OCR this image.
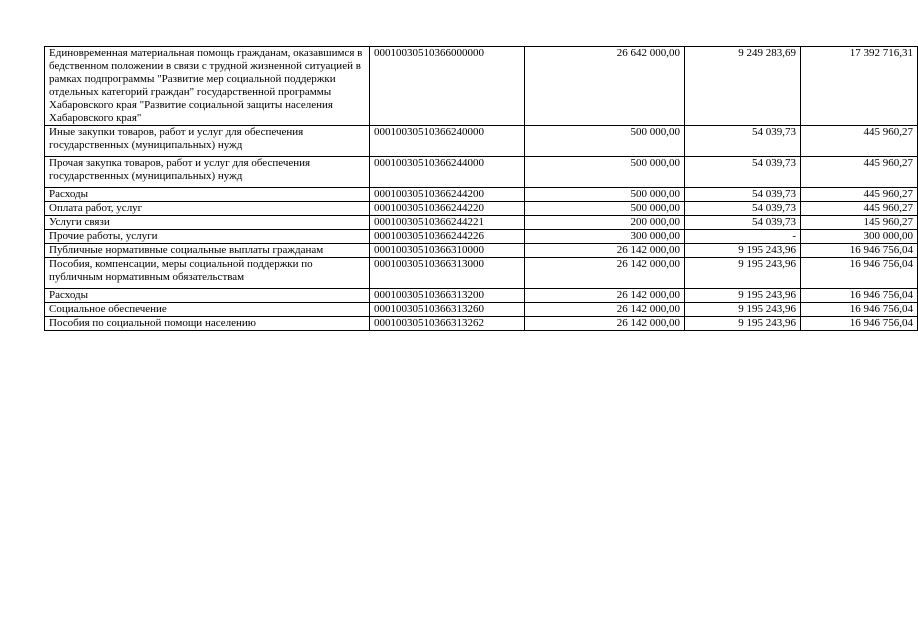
Единовременная материальная помощь гражданам, оказавшимся в бедственном положении в связи с трудной жизненной ситуацией в рамках подпрограммы "Развитие мер социальной поддержки отдельных категорий граждан" государственной программы Хабаровского края "Развитие социальной защиты населения Хабаровского края"	00010030510366000000	26 642 000,00	9 249 283,69	17 392 716,31
Иные закупки товаров, работ и услуг для обеспечения государственных (муниципальных) нужд	00010030510366240000	500 000,00	54 039,73	445 960,27
Прочая закупка товаров, работ и услуг для обеспечения государственных (муниципальных) нужд	00010030510366244000	500 000,00	54 039,73	445 960,27
Расходы	00010030510366244200	500 000,00	54 039,73	445 960,27
Оплата работ, услуг	00010030510366244220	500 000,00	54 039,73	445 960,27
Услуги связи	00010030510366244221	200 000,00	54 039,73	145 960,27
Прочие работы, услуги	00010030510366244226	300 000,00	-	300 000,00
Публичные нормативные социальные выплаты гражданам	00010030510366310000	26 142 000,00	9 195 243,96	16 946 756,04
Пособия, компенсации, меры социальной поддержки по публичным нормативным обязательствам	00010030510366313000	26 142 000,00	9 195 243,96	16 946 756,04
Расходы	00010030510366313200	26 142 000,00	9 195 243,96	16 946 756,04
Социальное обеспечение	00010030510366313260	26 142 000,00	9 195 243,96	16 946 756,04
Пособия по социальной помощи населению	00010030510366313262	26 142 000,00	9 195 243,96	16 946 756,04
